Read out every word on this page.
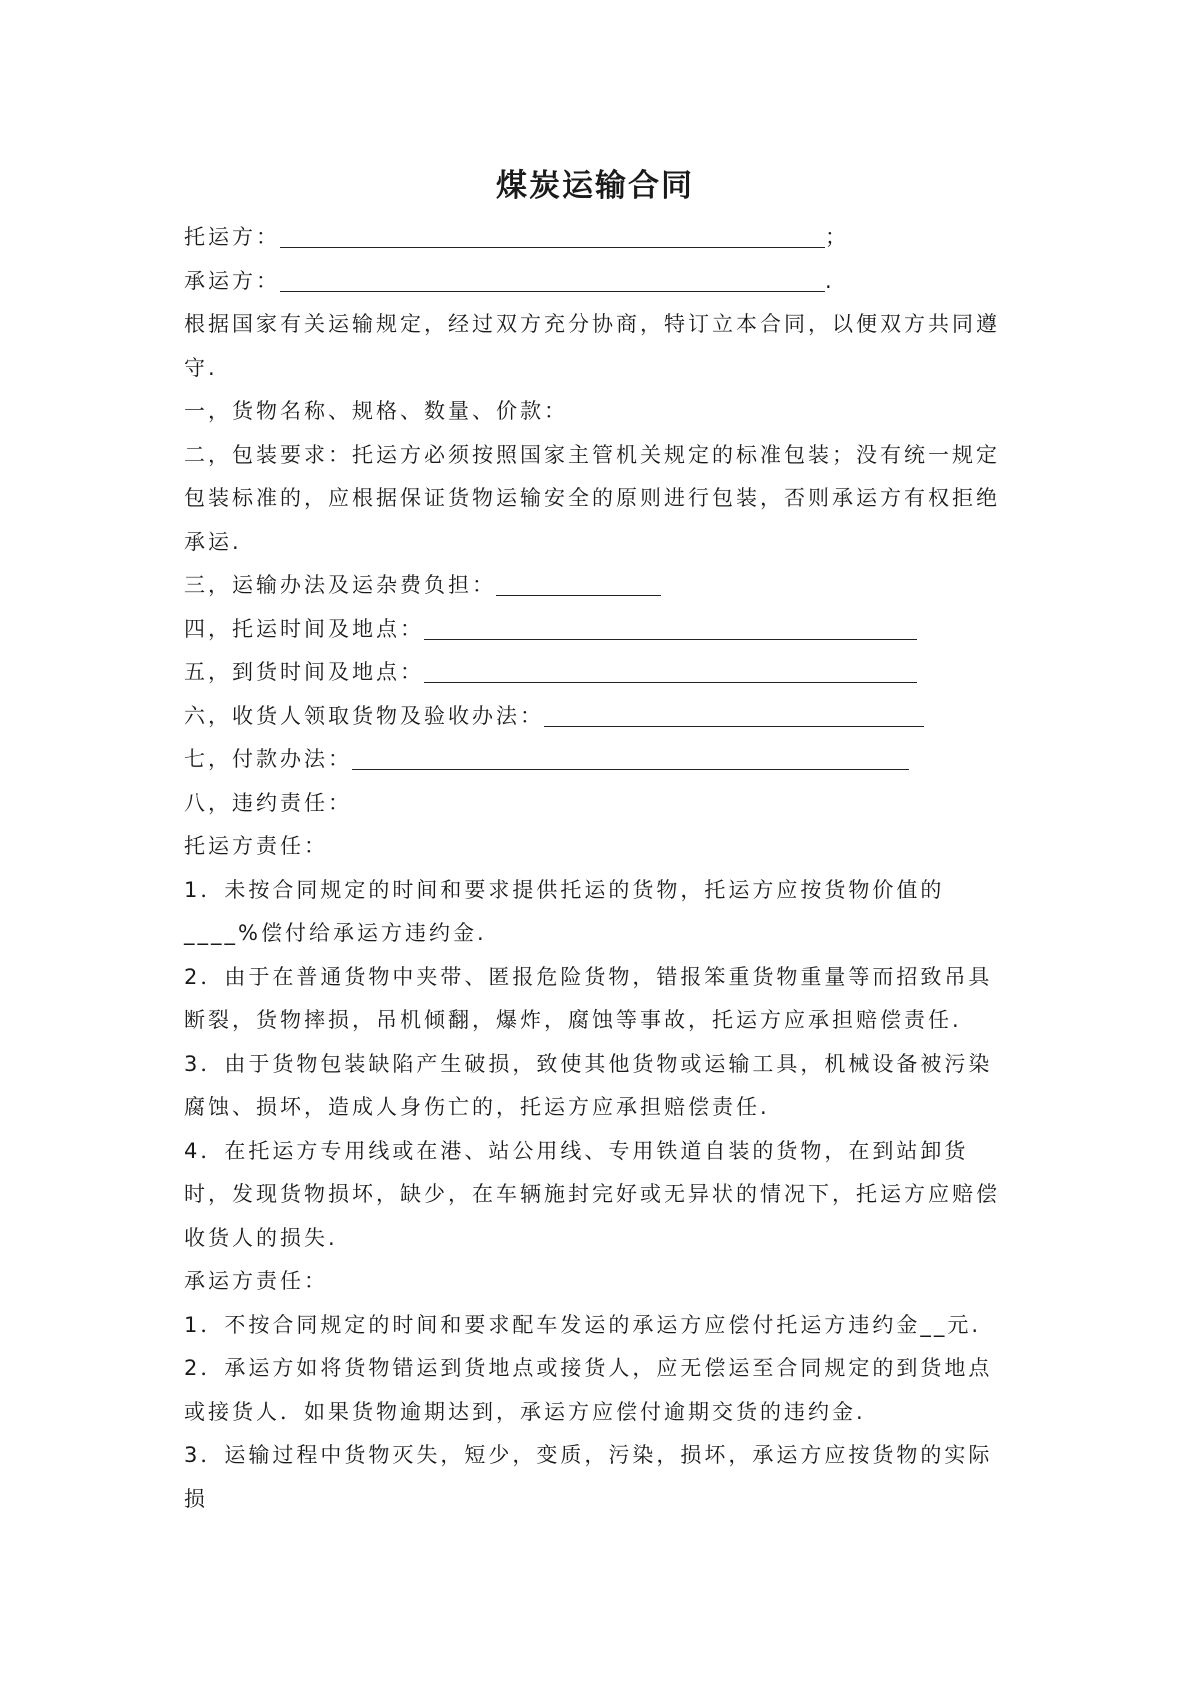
煤炭运输合同
托运方：	；
承运方：	.
根据国家有关运输规定，经过双方充分协商，特订立本合同，以便双方共同遵守.
一，货物名称、规格、数量、价款：
二，包装要求：托运方必须按照国家主管机关规定的标准包装；没有统一规定包装标准的，应根据保证货物运输安全的原则进行包装，否则承运方有权拒绝承运.
三，运输办法及运杂费负担：
四，托运时间及地点：
五，到货时间及地点：
六，收货人领取货物及验收办法：
七，付款办法：
八，违约责任：
托运方责任：
1．未按合同规定的时间和要求提供托运的货物，托运方应按货物价值的____%偿付给承运方违约金.
2．由于在普通货物中夹带、匿报危险货物，错报笨重货物重量等而招致吊具断裂，货物摔损，吊机倾翻，爆炸，腐蚀等事故，托运方应承担赔偿责任.
3．由于货物包装缺陷产生破损，致使其他货物或运输工具，机械设备被污染腐蚀、损坏，造成人身伤亡的，托运方应承担赔偿责任.
4．在托运方专用线或在港、站公用线、专用铁道自装的货物，在到站卸货时，发现货物损坏，缺少，在车辆施封完好或无异状的情况下，托运方应赔偿收货人的损失.
承运方责任：
1．不按合同规定的时间和要求配车发运的承运方应偿付托运方违约金__元.
2．承运方如将货物错运到货地点或接货人，应无偿运至合同规定的到货地点或接货人．如果货物逾期达到，承运方应偿付逾期交货的违约金.
3．运输过程中货物灭失，短少，变质，污染，损坏，承运方应按货物的实际损
